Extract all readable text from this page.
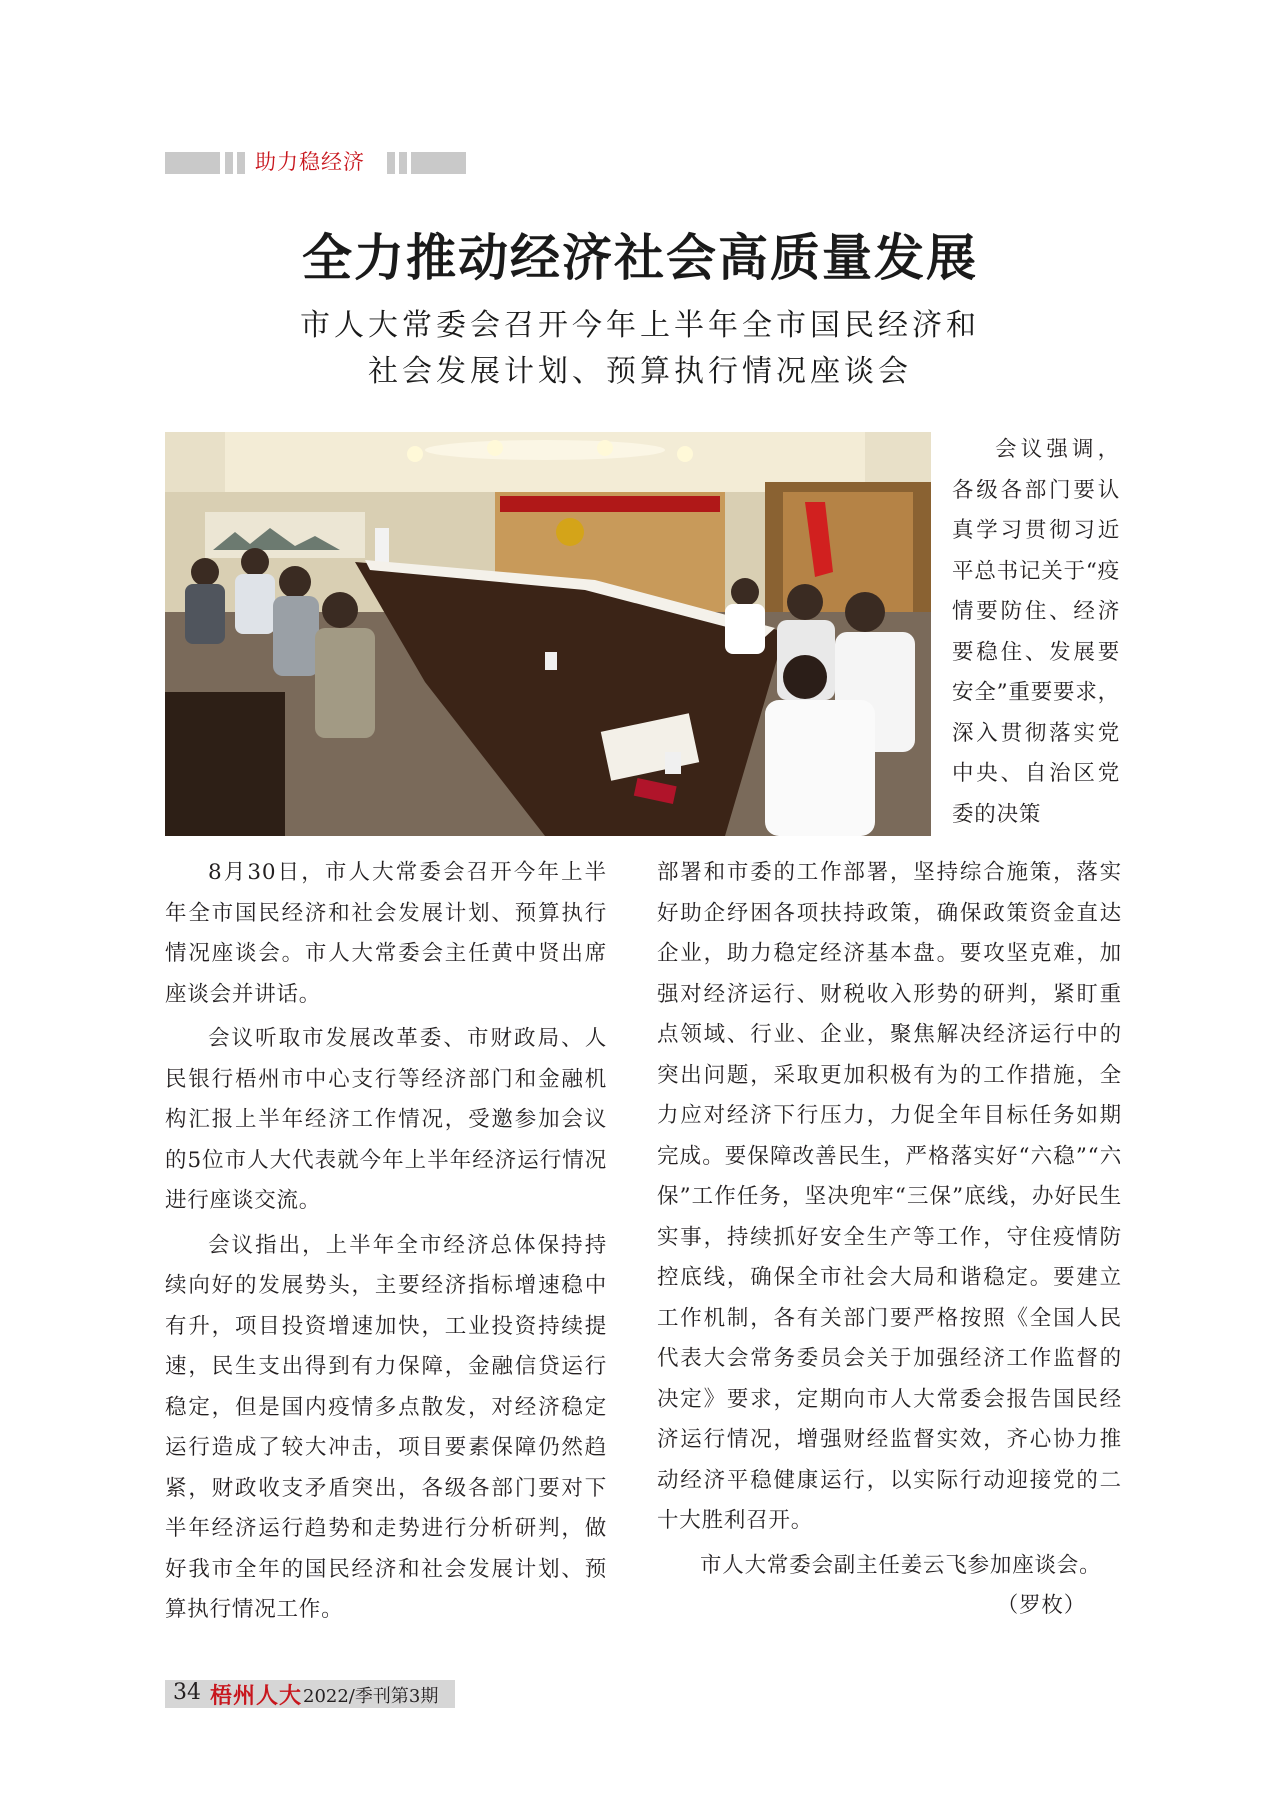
助力稳经济
全力推动经济社会高质量发展
市人大常委会召开今年上半年全市国民经济和
社会发展计划、预算执行情况座谈会

会议强调，各级各部门要认真学习贯彻习近平总书记关于“疫情要防住、经济要稳住、发展要安全”重要要求，深入贯彻落实党中央、自治区党委的决策

8月30日，市人大常委会召开今年上半年全市国民经济和社会发展计划、预算执行情况座谈会。市人大常委会主任黄中贤出席座谈会并讲话。

会议听取市发展改革委、市财政局、人民银行梧州市中心支行等经济部门和金融机构汇报上半年经济工作情况，受邀参加会议的5位市人大代表就今年上半年经济运行情况进行座谈交流。

会议指出，上半年全市经济总体保持持续向好的发展势头，主要经济指标增速稳中有升，项目投资增速加快，工业投资持续提速，民生支出得到有力保障，金融信贷运行稳定，但是国内疫情多点散发，对经济稳定运行造成了较大冲击，项目要素保障仍然趋紧，财政收支矛盾突出，各级各部门要对下半年经济运行趋势和走势进行分析研判，做好我市全年的国民经济和社会发展计划、预算执行情况工作。

部署和市委的工作部署，坚持综合施策，落实好助企纾困各项扶持政策，确保政策资金直达企业，助力稳定经济基本盘。要攻坚克难，加强对经济运行、财税收入形势的研判，紧盯重点领域、行业、企业，聚焦解决经济运行中的突出问题，采取更加积极有为的工作措施，全力应对经济下行压力，力促全年目标任务如期完成。要保障改善民生，严格落实好“六稳”“六保”工作任务，坚决兜牢“三保”底线，办好民生实事，持续抓好安全生产等工作，守住疫情防控底线，确保全市社会大局和谐稳定。要建立工作机制，各有关部门要严格按照《全国人民代表大会常务委员会关于加强经济工作监督的决定》要求，定期向市人大常委会报告国民经济运行情况，增强财经监督实效，齐心协力推动经济平稳健康运行，以实际行动迎接党的二十大胜利召开。

市人大常委会副主任姜云飞参加座谈会。

（罗枚）

34 梧州人大 2022/季刊第3期
